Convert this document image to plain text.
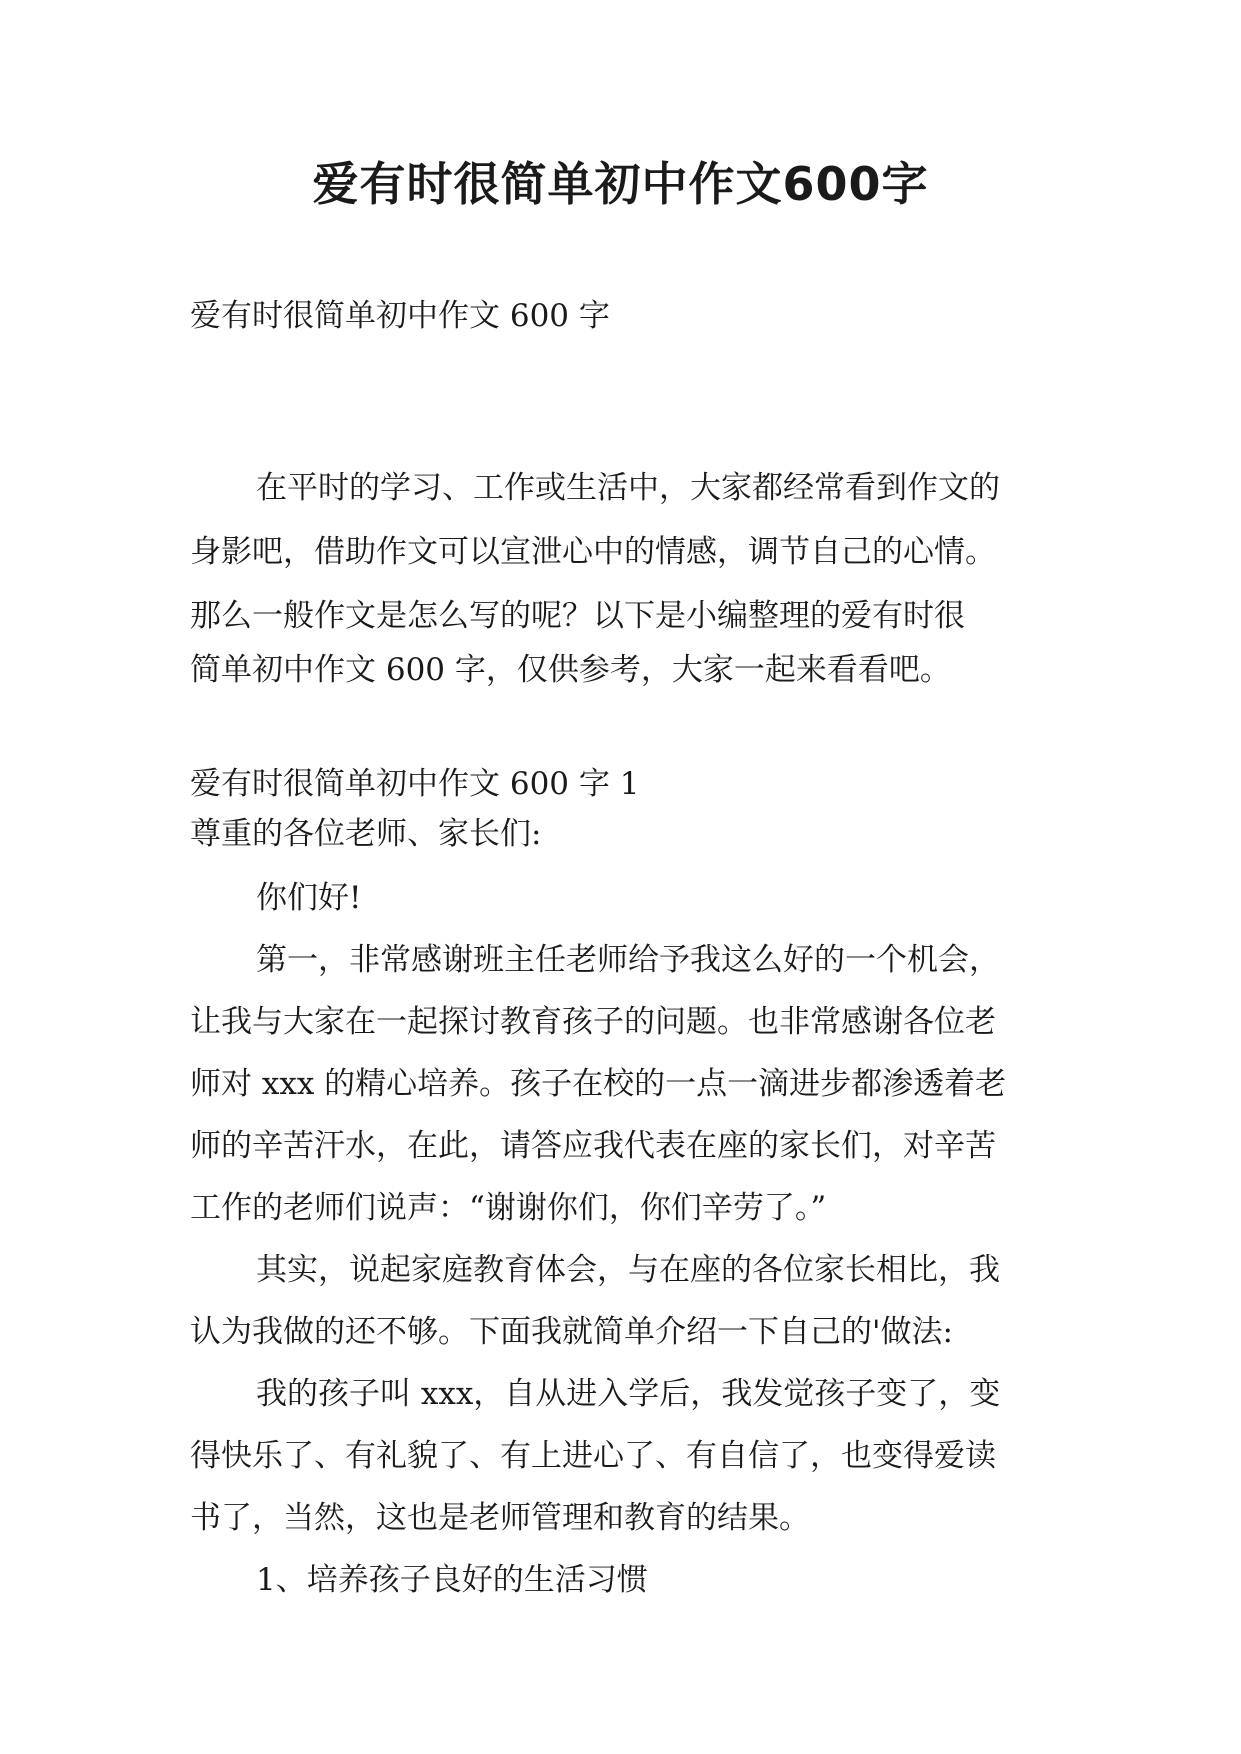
爱有时很简单初中作文600字

爱有时很简单初中作文 600 字

在平时的学习、工作或生活中，大家都经常看到作文的

身影吧，借助作文可以宣泄心中的情感，调节自己的心情。

那么一般作文是怎么写的呢？以下是小编整理的爱有时很

简单初中作文 600 字，仅供参考，大家一起来看看吧。

爱有时很简单初中作文 600 字 1

尊重的各位老师、家长们:

你们好!

第一，非常感谢班主任老师给予我这么好的一个机会，

让我与大家在一起探讨教育孩子的问题。也非常感谢各位老

师对 xxx 的精心培养。孩子在校的一点一滴进步都渗透着老

师的辛苦汗水，在此，请答应我代表在座的家长们，对辛苦

工作的老师们说声：“谢谢你们，你们辛劳了。”

其实，说起家庭教育体会，与在座的各位家长相比，我

认为我做的还不够。下面我就简单介绍一下自己的'做法:

我的孩子叫 xxx，自从进入学后，我发觉孩子变了，变

得快乐了、有礼貌了、有上进心了、有自信了，也变得爱读

书了，当然，这也是老师管理和教育的结果。

1、培养孩子良好的生活习惯
